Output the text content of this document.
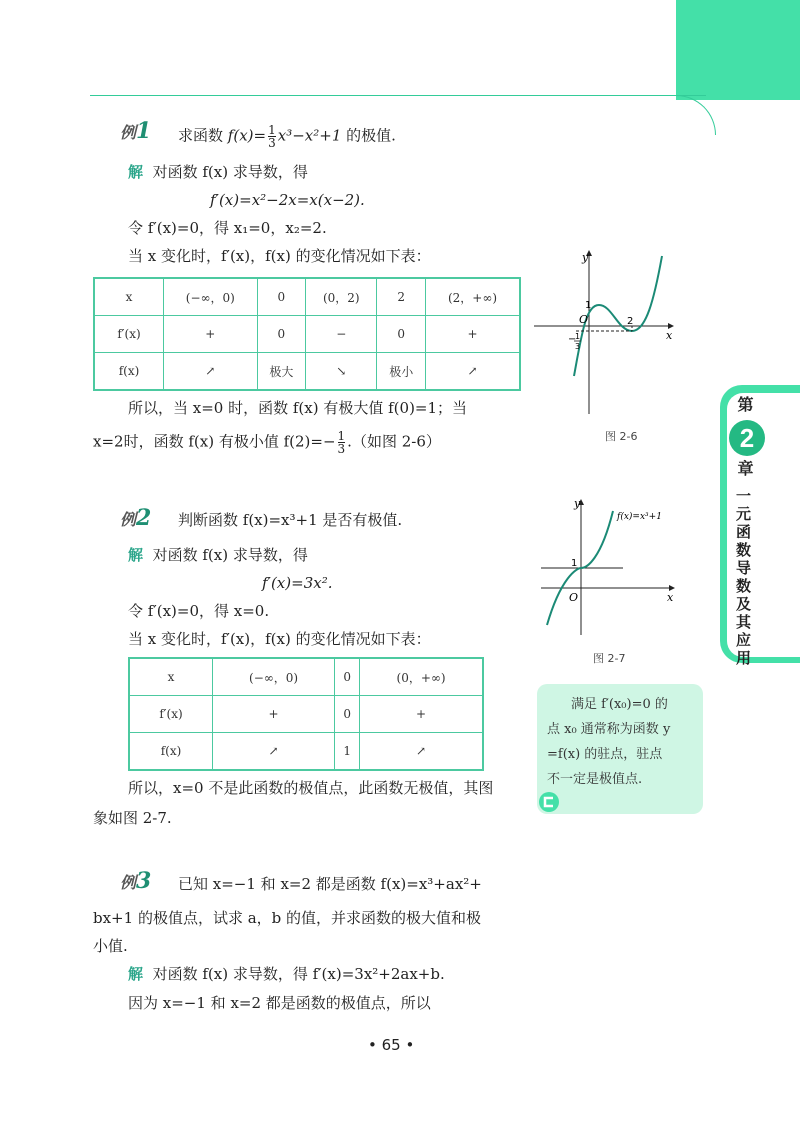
第
2
章
一元函数导数及其应用
例1 求函数 $f(x)= \frac{1}{3} x^3-x^2+1$ 的极值.
解 对函数 f(x) 求导数，得
f′(x)=x²−2x=x(x−2).
令 f′(x)=0，得 x₁=0，x₂=2.
当 x 变化时，f′(x)，f(x) 的变化情况如下表：
x	(−∞，0)	0	(0，2)	2	(2，+∞)
f′(x)	+	0	−	0	+
f(x)	↗	极大	↘	极小	↗
所以，当 x=0 时，函数 f(x) 有极大值 f(0)=1；当
x=2时，函数 f(x) 有极小值 $f(2)=- \frac{1}{3}$ .（如图 2-6）
y
x
O
1
2
−
1
3
图 2-6
例2 判断函数 f(x)=x³+1 是否有极值.
解 对函数 f(x) 求导数，得
f′(x)=3x².
令 f′(x)=0，得 x=0.
当 x 变化时，f′(x)，f(x) 的变化情况如下表：
x	(−∞，0)	0	(0，+∞)
f′(x)	+	0	+
f(x)	↗	1	↗
所以，x=0 不是此函数的极值点，此函数无极值，其图
象如图 2-7.
y
x
O
1
f(x)=x³+1
图 2-7
满足 f′(x₀)=0 的
点 x₀ 通常称为函数 y
=f(x) 的驻点，驻点
不一定是极值点.
例3 已知 x=−1 和 x=2 都是函数 f(x)=x³+ax²+
bx+1 的极值点，试求 a，b 的值，并求函数的极大值和极
小值.
解 对函数 f(x) 求导数，得 f′(x)=3x²+2ax+b.
因为 x=−1 和 x=2 都是函数的极值点，所以
• 65 •
